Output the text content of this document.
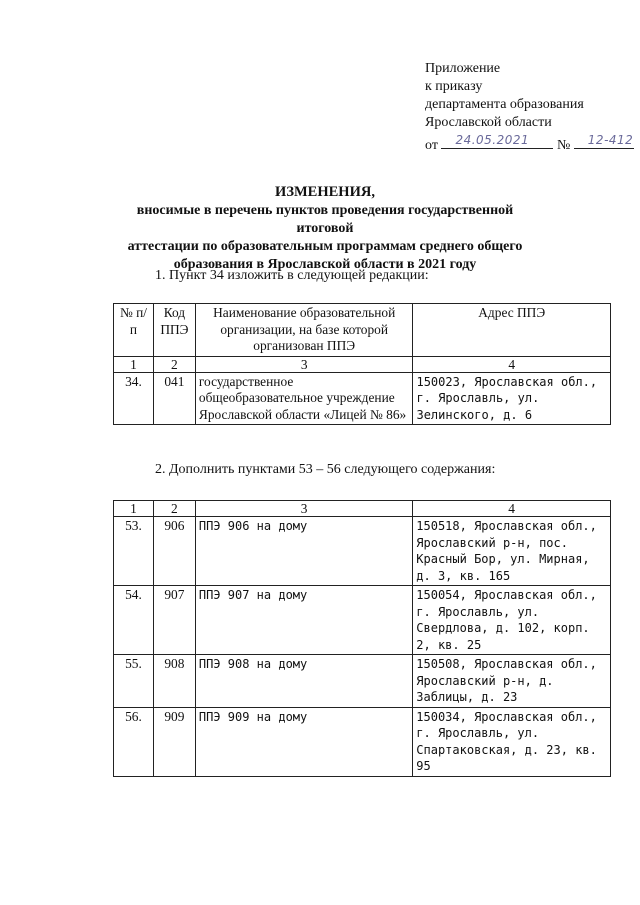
Приложение
к приказу
департамента образования
Ярославской области
от 24.05.2021 № 12-412
ИЗМЕНЕНИЯ,
вносимые в перечень пунктов проведения государственной итоговой
аттестации по образовательным программам среднего общего
образования в Ярославской области в 2021 году
1. Пункт 34 изложить в следующей редакции:
№ п/п	Код ППЭ	Наименование образовательной организации, на базе которой организован ППЭ	Адрес ППЭ
1	2	3	4
34.	041	государственное общеобразовательное учреждение Ярославской области «Лицей № 86»	150023, Ярославская обл., г. Ярославль, ул. Зелинского, д. 6
2. Дополнить пунктами 53 – 56 следующего содержания:
1	2	3	4
53.	906	ППЭ 906 на дому	150518, Ярославская обл., Ярославский р-н, пос. Красный Бор, ул. Мирная, д. 3, кв. 165
54.	907	ППЭ 907 на дому	150054, Ярославская обл., г. Ярославль, ул. Свердлова, д. 102, корп. 2, кв. 25
55.	908	ППЭ 908 на дому	150508, Ярославская обл., Ярославский р-н, д. Заблицы, д. 23
56.	909	ППЭ 909 на дому	150034, Ярославская обл., г. Ярославль, ул. Спартаковская, д. 23, кв. 95
